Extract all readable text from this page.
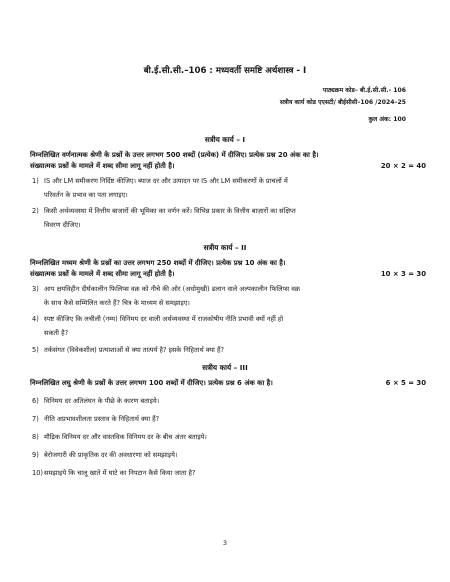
बी.ई.सी.सी.–106 : मध्यवर्ती समष्टि अर्थशास्त्र - I
पाठ्यक्रम कोड– बी.ई.सी.सी.- 106
सत्रीय कार्य कोड एएसटी/ बीईसीसी–106 /2024–25
कुल अंक: 100
सत्रीय कार्य – I
निम्नलिखित वर्णनात्मक श्रेणी के प्रश्नों के उत्तर लगभग 500 शब्दों (प्रत्येक) में दीजिए। प्रत्येक प्रश्न 20 अंक का है।
संख्यात्मक प्रश्नों के मामले में शब्द सीमा लागू नहीं होती है।	20 × 2 = 40
1) IS और LM समीकरण निर्दिष्ट कीजिए। ब्याज दर और उत्पादन पर IS और LM समीकरणों के प्राचलों में
परिवर्तन के प्रभाव का पता लगाइए।
2) किसी अर्थव्यवस्था में वित्तीय बाजारों की भूमिका का वर्णन करें। विभिन्न प्रकार के वित्तीय बाज़ारों का संक्षिप्त
विवरण दीजिए।
सत्रीय कार्य – II
निम्नलिखित मध्यम श्रेणी के प्रश्नों का उत्तर लगभग 250 शब्दों में दीजिए। प्रत्येक प्रश्न 10 अंक का है।
संख्यात्मक प्रश्नों के मामले में शब्द सीमा लागू नहीं होती है।	10 × 3 = 30
3) आप क्षयविहीन दीर्घकालीन फिलिप्स वक्र को नीचे की ओर (अधोमुखी) ढलान वाले अल्पकालीन फिलिप्स वक्र
के साथ कैसे सम्मिलित करते हैं? चित्र के माध्यम से समझाइए।
4) स्पष्ट कीजिए कि लचीली (नम्य) विनिमय दर वाली अर्थव्यवस्था में राजकोषीय नीति प्रभावी क्यों नहीं हो
सकती है?
5) तर्कसंगत (विवेकशील) प्रत्याशाओं से क्या तात्पर्य है? इसके निहितार्थ क्या हैं?
सत्रीय कार्य – III
निम्नलिखित लघु श्रेणी के प्रश्नों के उत्तर लगभग 100 शब्दों में दीजिए। प्रत्येक प्रश्न 6 अंक का है।	6 × 5 = 30
6) विनिमय दर अतिलंघन के पीछे के कारण बताइये।
7) नीति अप्रभावशीलता प्रस्ताव के निहितार्थ क्या हैं?
8) मौद्रिक विनिमय दर और वास्तविक विनिमय दर के बीच अंतर बताइये।
9) बेरोजगारी की प्राकृतिक दर की अवधारणा को समझाइये।
10)समझाइये कि चालू खाते में घाटे का निपटान कैसे किया जाता है?
3
